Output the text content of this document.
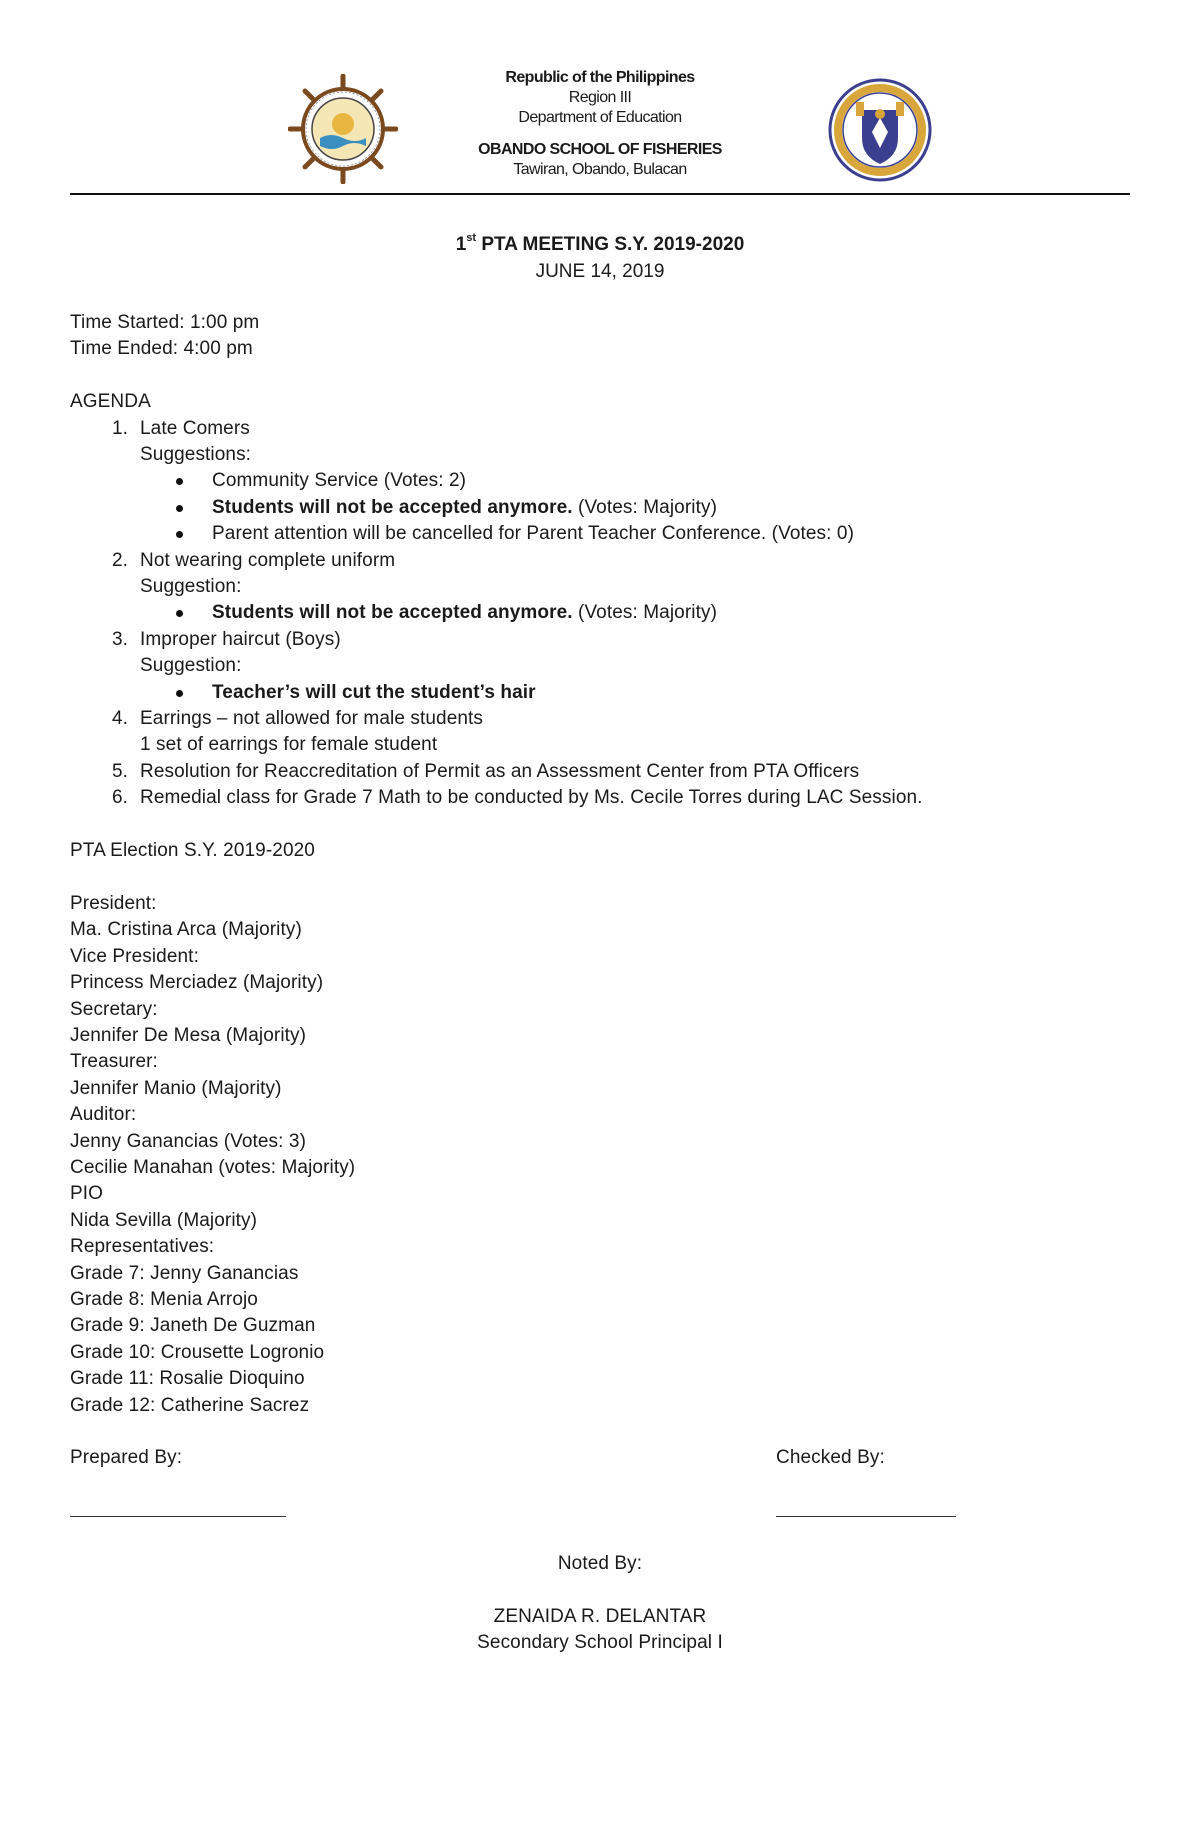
Republic of the Philippines
Region III
Department of Education
OBANDO SCHOOL OF FISHERIES
Tawiran, Obando, Bulacan
1st PTA MEETING S.Y. 2019-2020
JUNE 14, 2019
Time Started: 1:00 pm
Time Ended: 4:00 pm
AGENDA
1. Late Comers
Suggestions:
Community Service (Votes: 2)
Students will not be accepted anymore. (Votes: Majority)
Parent attention will be cancelled for Parent Teacher Conference. (Votes: 0)
2. Not wearing complete uniform
Suggestion:
Students will not be accepted anymore. (Votes: Majority)
3. Improper haircut (Boys)
Suggestion:
Teacher’s will cut the student’s hair
4. Earrings – not allowed for male students
1 set of earrings for female student
5. Resolution for Reaccreditation of Permit as an Assessment Center from PTA Officers
6. Remedial class for Grade 7 Math to be conducted by Ms. Cecile Torres during LAC Session.
PTA Election S.Y. 2019-2020
President:
Ma. Cristina Arca (Majority)
Vice President:
Princess Merciadez (Majority)
Secretary:
Jennifer De Mesa (Majority)
Treasurer:
Jennifer Manio (Majority)
Auditor:
Jenny Ganancias (Votes: 3)
Cecilie Manahan (votes: Majority)
PIO
Nida Sevilla (Majority)
Representatives:
Grade 7: Jenny Ganancias
Grade 8: Menia Arrojo
Grade 9: Janeth De Guzman
Grade 10: Crousette Logronio
Grade 11: Rosalie Dioquino
Grade 12: Catherine Sacrez
Prepared By:	Checked By:
Noted By:
ZENAIDA R. DELANTAR
Secondary School Principal I
